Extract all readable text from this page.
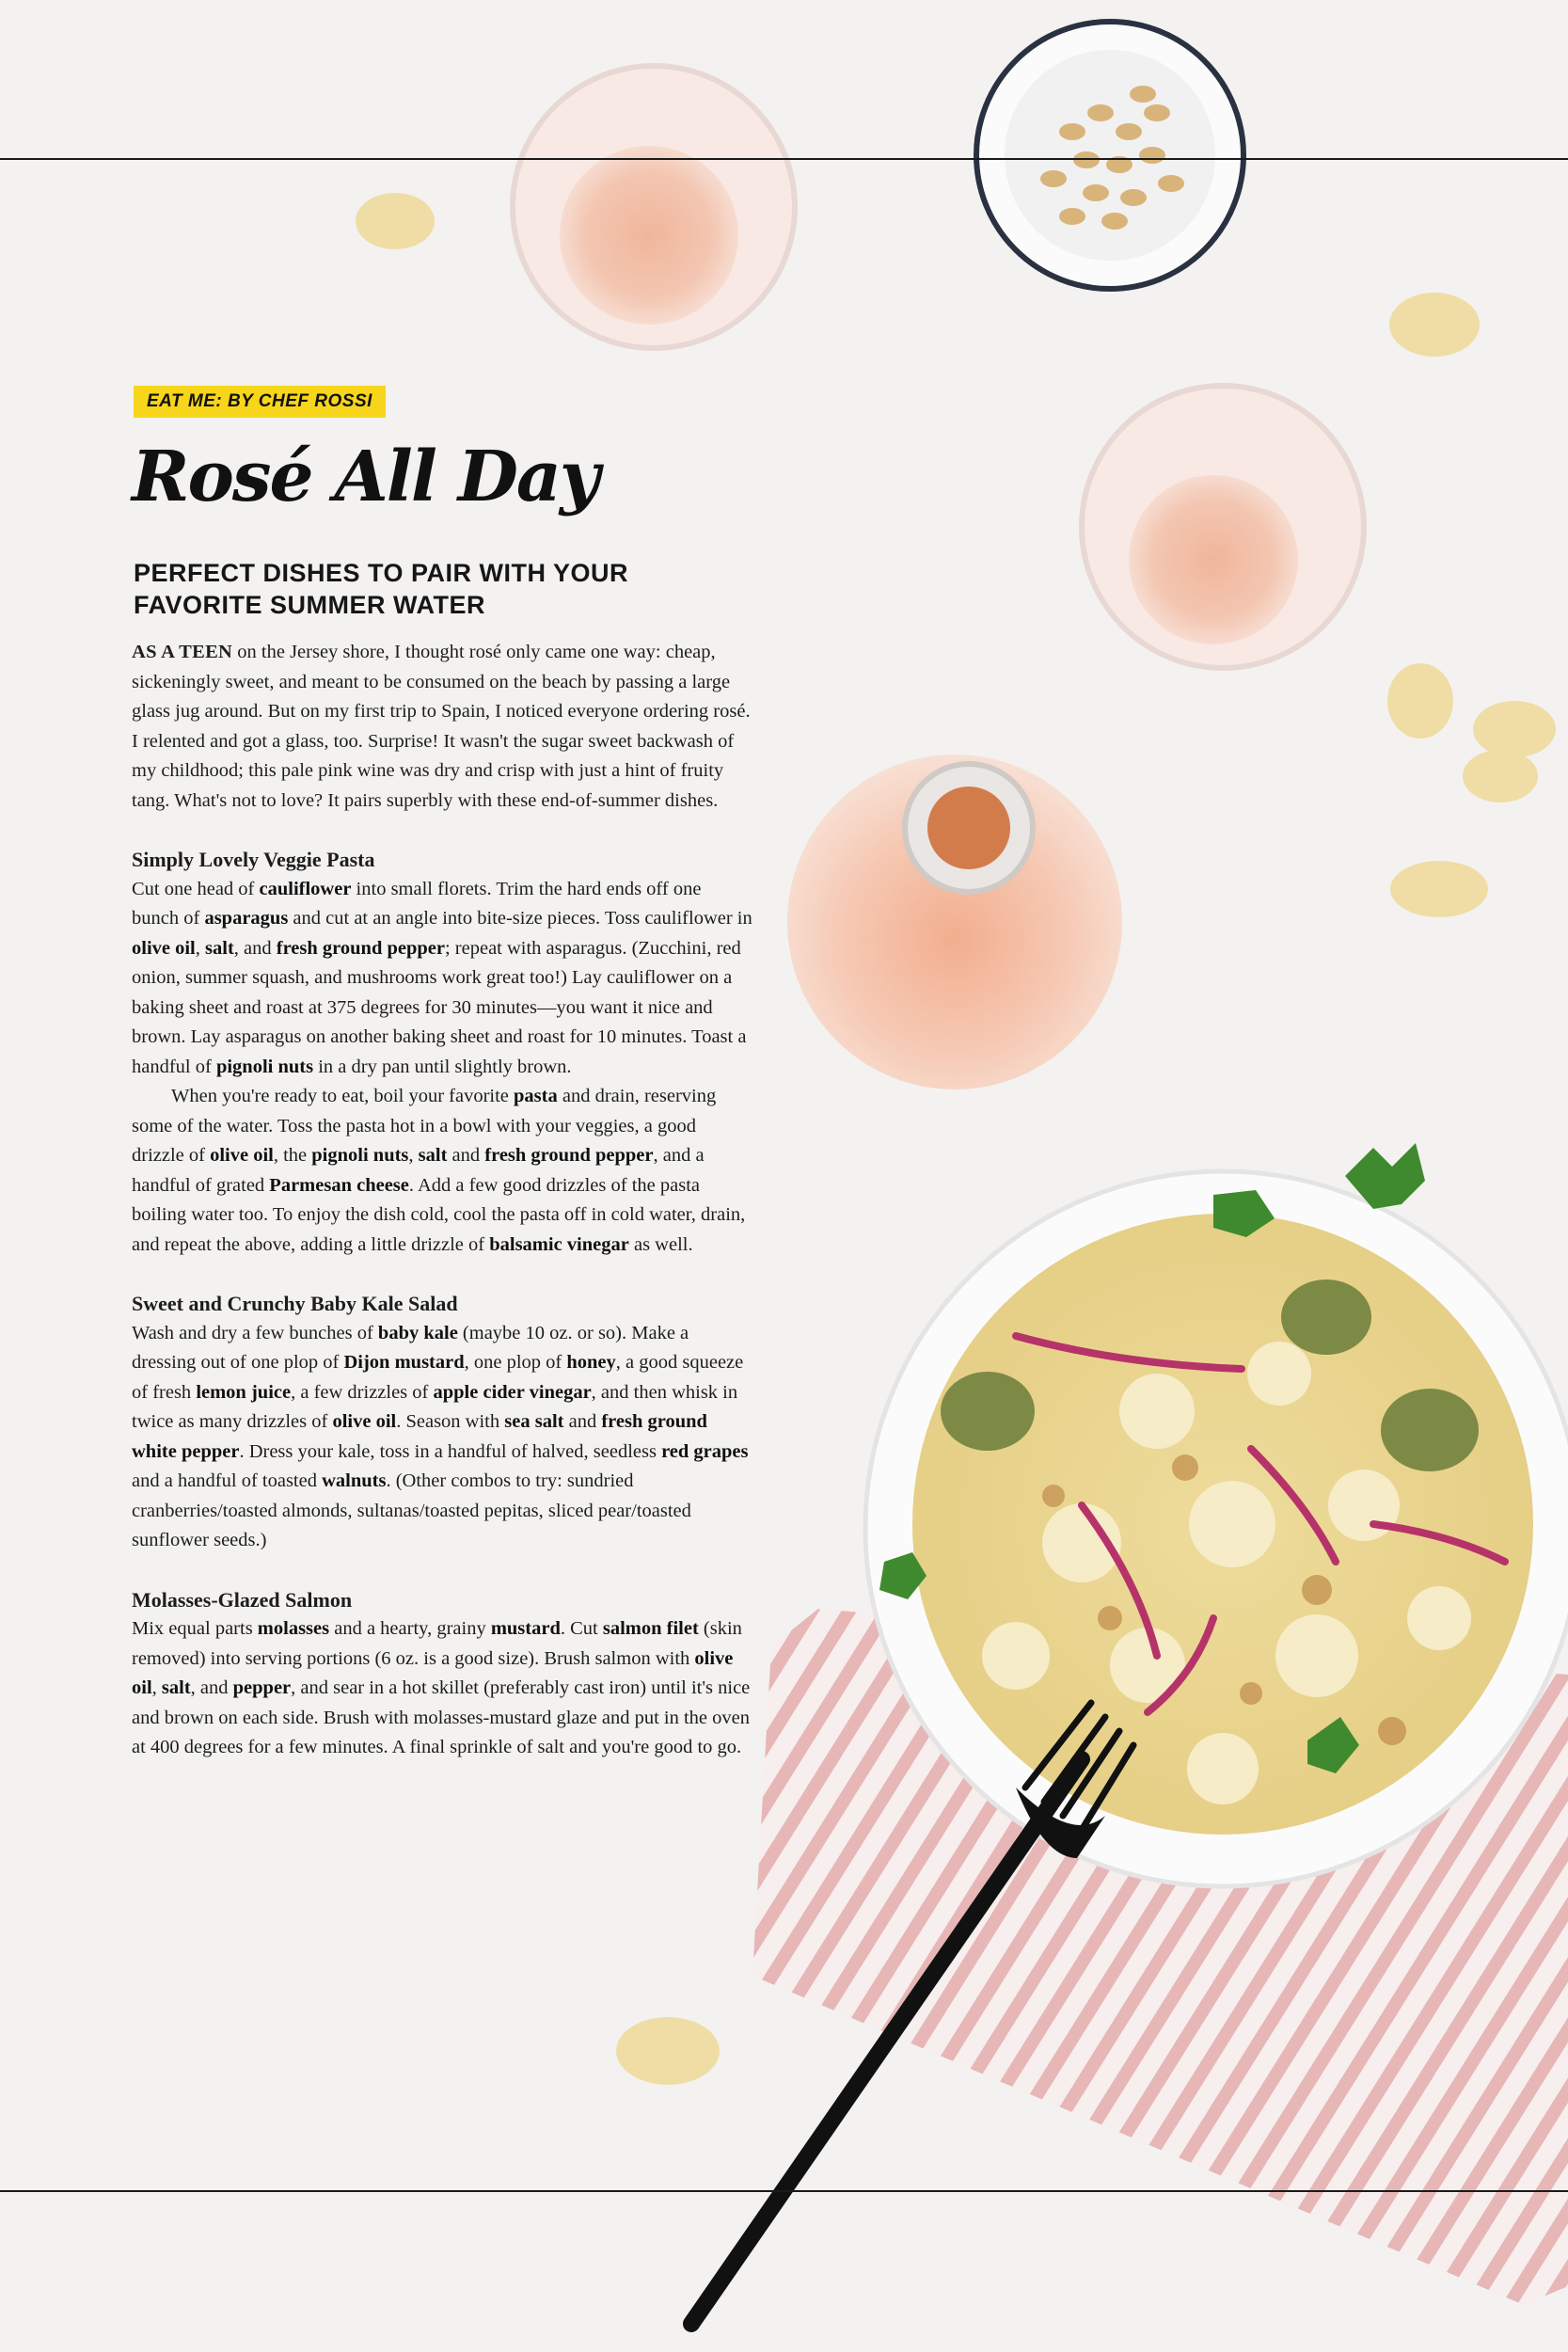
EAT ME: BY CHEF ROSSI
Rosé All Day
PERFECT DISHES TO PAIR WITH YOUR FAVORITE SUMMER WATER

AS A TEEN on the Jersey shore, I thought rosé only came one way: cheap, sickeningly sweet, and meant to be consumed on the beach by passing a large glass jug around. But on my first trip to Spain, I noticed everyone ordering rosé. I relented and got a glass, too. Surprise! It wasn't the sugar sweet backwash of my childhood; this pale pink wine was dry and crisp with just a hint of fruity tang. What's not to love? It pairs superbly with these end-of-summer dishes.

Simply Lovely Veggie Pasta

Cut one head of cauliflower into small florets. Trim the hard ends off one bunch of asparagus and cut at an angle into bite-size pieces. Toss cauliflower in olive oil, salt, and fresh ground pepper; repeat with asparagus. (Zucchini, red onion, summer squash, and mushrooms work great too!) Lay cauliflower on a baking sheet and roast at 375 degrees for 30 minutes—you want it nice and brown. Lay asparagus on another baking sheet and roast for 10 minutes. Toast a handful of pignoli nuts in a dry pan until slightly brown.

When you're ready to eat, boil your favorite pasta and drain, reserving some of the water. Toss the pasta hot in a bowl with your veggies, a good drizzle of olive oil, the pignoli nuts, salt and fresh ground pepper, and a handful of grated Parmesan cheese. Add a few good drizzles of the pasta boiling water too. To enjoy the dish cold, cool the pasta off in cold water, drain, and repeat the above, adding a little drizzle of balsamic vinegar as well.

Sweet and Crunchy Baby Kale Salad

Wash and dry a few bunches of baby kale (maybe 10 oz. or so). Make a dressing out of one plop of Dijon mustard, one plop of honey, a good squeeze of fresh lemon juice, a few drizzles of apple cider vinegar, and then whisk in twice as many drizzles of olive oil. Season with sea salt and fresh ground white pepper. Dress your kale, toss in a handful of halved, seedless red grapes and a handful of toasted walnuts. (Other combos to try: sundried cranberries/toasted almonds, sultanas/toasted pepitas, sliced pear/toasted sunflower seeds.)

Molasses-Glazed Salmon

Mix equal parts molasses and a hearty, grainy mustard. Cut salmon filet (skin removed) into serving portions (6 oz. is a good size). Brush salmon with olive oil, salt, and pepper, and sear in a hot skillet (preferably cast iron) until it's nice and brown on each side. Brush with molasses-mustard glaze and put in the oven at 400 degrees for a few minutes. A final sprinkle of salt and you're good to go.
